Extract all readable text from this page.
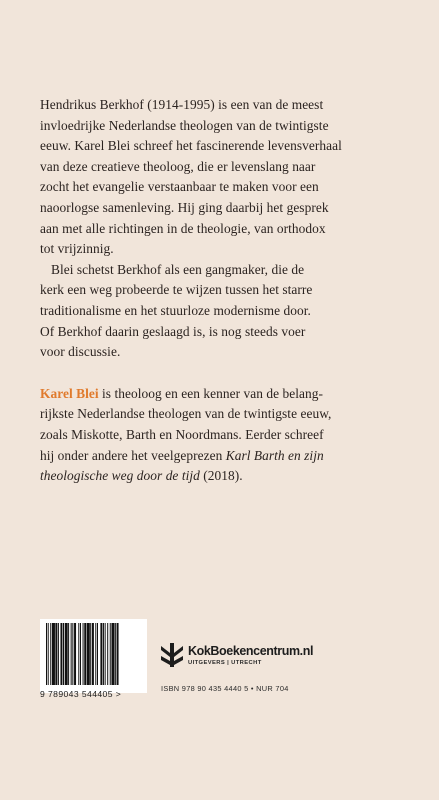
Hendrikus Berkhof (1914-1995) is een van de meest
invloedrijke Nederlandse theologen van de twintigste
eeuw. Karel Blei schreef het fascinerende levensverhaal
van deze creatieve theoloog, die er levenslang naar
zocht het evangelie verstaanbaar te maken voor een
naoorlogse samenleving. Hij ging daarbij het gesprek
aan met alle richtingen in de theologie, van orthodox
tot vrijzinnig.
Blei schetst Berkhof als een gangmaker, die de
kerk een weg probeerde te wijzen tussen het starre
traditionalisme en het stuurloze modernisme door.
Of Berkhof daarin geslaagd is, is nog steeds voer
voor discussie.
Karel Blei is theoloog en een kenner van de belang-
rijkste Nederlandse theologen van de twintigste eeuw,
zoals Miskotte, Barth en Noordmans. Eerder schreef
hij onder andere het veelgeprezen Karl Barth en zijn
theologische weg door de tijd (2018).
9 789043 544405 >
KokBoekencentrum.nl
UITGEVERS | UTRECHT
ISBN 978 90 435 4440 5 • NUR 704
